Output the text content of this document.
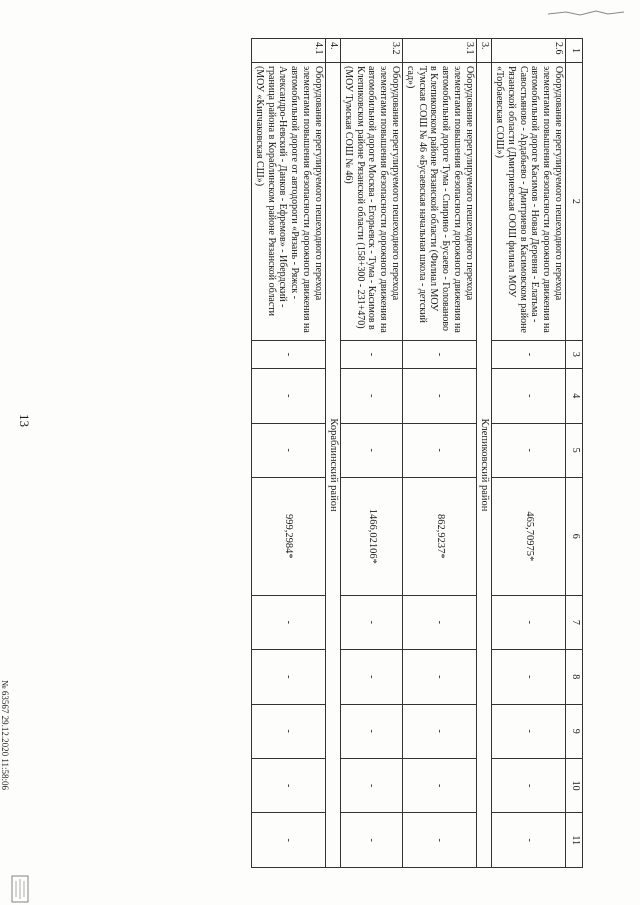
13
1	2	3	4	5	6	7	8	9	10	11
2.6	Оборудование нерегулируемого пешеходного перехода элементами повышения безопасности дорожного движения на автомобильной дороге Касимов - Новая Деревня - Елатьма - Савостьяново - Ардабьево - Дмитриево в Касимовском районе Рязанской области (Дмитриевская ООШ филиал МОУ «Торбаевская СОШ»)	-	-	-	465,70975*	-	-	-	-	-
3.	Клепиковский район									
3.1	Оборудование нерегулируемого пешеходного перехода элементами повышения безопасности дорожного движения на автомобильной дороге Тума - Спирино - Бусаево - Голованово в Клепиковском районе Рязанской области (Филиал МОУ Тумская СОШ № 46 «Бусаевская начальная школа - детский сад»)	-	-	-	862,9237*	-	-	-	-	-
3.2	Оборудование нерегулируемого пешеходного перехода элементами повышения безопасности дорожного движения на автомобильной дороге Москва - Егорьевск - Тума - Касимов в Клепиковском районе Рязанской области (158+300 - 231+470) (МОУ Тумская СОШ № 46)	-	-	-	1466,02106*	-	-	-	-	-
4.	Кораблинский район									
4.1	Оборудование нерегулируемого пешеходного перехода элементами повышения безопасности дорожного движения на автомобильной дороге от автодороги «Рязань - Ряжск - Александро-Невский - Данков - Ефремов» - Ибердский - граница района в Кораблинском районе Рязанской области (МОУ «Кипчаковская СШ»)	-	-	-	999,2984*	-	-	-	-	-
№ 63567 29.12.2020 11:58:06
